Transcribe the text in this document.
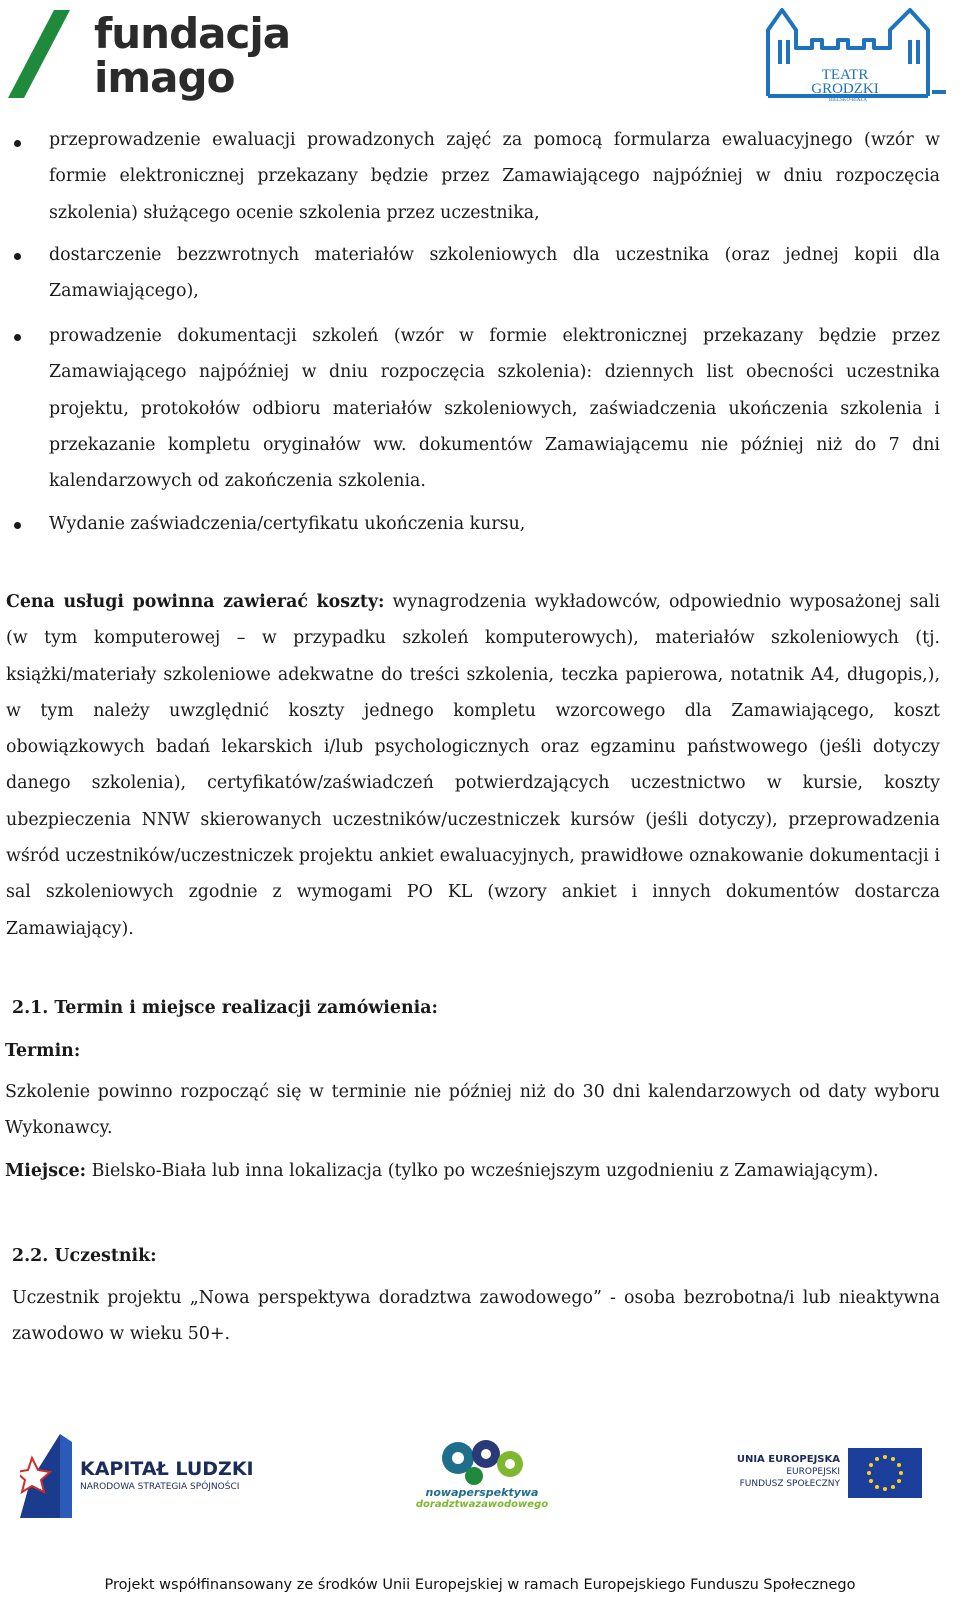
fundacja
imago	TEATR
GRODZKI
BIELSKO-BIAŁA
przeprowadzenie ewaluacji prowadzonych zajęć za pomocą formularza ewaluacyjnego (wzór w formie elektronicznej przekazany będzie przez Zamawiającego najpóźniej w dniu rozpoczęcia szkolenia) służącego ocenie szkolenia przez uczestnika,
dostarczenie bezzwrotnych materiałów szkoleniowych dla uczestnika (oraz jednej kopii dla Zamawiającego),
prowadzenie dokumentacji szkoleń (wzór w formie elektronicznej przekazany będzie przez Zamawiającego najpóźniej w dniu rozpoczęcia szkolenia): dziennych list obecności uczestnika projektu, protokołów odbioru materiałów szkoleniowych, zaświadczenia ukończenia szkolenia i przekazanie kompletu oryginałów ww. dokumentów Zamawiającemu nie później niż do 7 dni kalendarzowych od zakończenia szkolenia.
Wydanie zaświadczenia/certyfikatu ukończenia kursu,
Cena usługi powinna zawierać koszty: wynagrodzenia wykładowców, odpowiednio wyposażonej sali (w tym komputerowej – w przypadku szkoleń komputerowych), materiałów szkoleniowych (tj. książki/materiały szkoleniowe adekwatne do treści szkolenia, teczka papierowa, notatnik A4, długopis,), w tym należy uwzględnić koszty jednego kompletu wzorcowego dla Zamawiającego, koszt obowiązkowych badań lekarskich i/lub psychologicznych oraz egzaminu państwowego (jeśli dotyczy danego szkolenia), certyfikatów/zaświadczeń potwierdzających uczestnictwo w kursie, koszty ubezpieczenia NNW skierowanych uczestników/uczestniczek kursów (jeśli dotyczy), przeprowadzenia wśród uczestników/uczestniczek projektu ankiet ewaluacyjnych, prawidłowe oznakowanie dokumentacji i sal szkoleniowych zgodnie z wymogami PO KL (wzory ankiet i innych dokumentów dostarcza Zamawiający).
2.1. Termin i miejsce realizacji zamówienia:
Termin:
Szkolenie powinno rozpocząć się w terminie nie później niż do 30 dni kalendarzowych od daty wyboru Wykonawcy.
Miejsce: Bielsko-Biała lub inna lokalizacja (tylko po wcześniejszym uzgodnieniu z Zamawiającym).
2.2. Uczestnik:
Uczestnik projektu „Nowa perspektywa doradztwa zawodowego” - osoba bezrobotna/i lub nieaktywna zawodowo w wieku 50+.
KAPITAŁ LUDZKI
NARODOWA STRATEGIA SPÓJNOŚCI	nowaperspektywa
doradztwazawodowego
UNIA EUROPEJSKA
EUROPEJSKI
FUNDUSZ SPOŁECZNY
Projekt współfinansowany ze środków Unii Europejskiej w ramach Europejskiego Funduszu Społecznego
